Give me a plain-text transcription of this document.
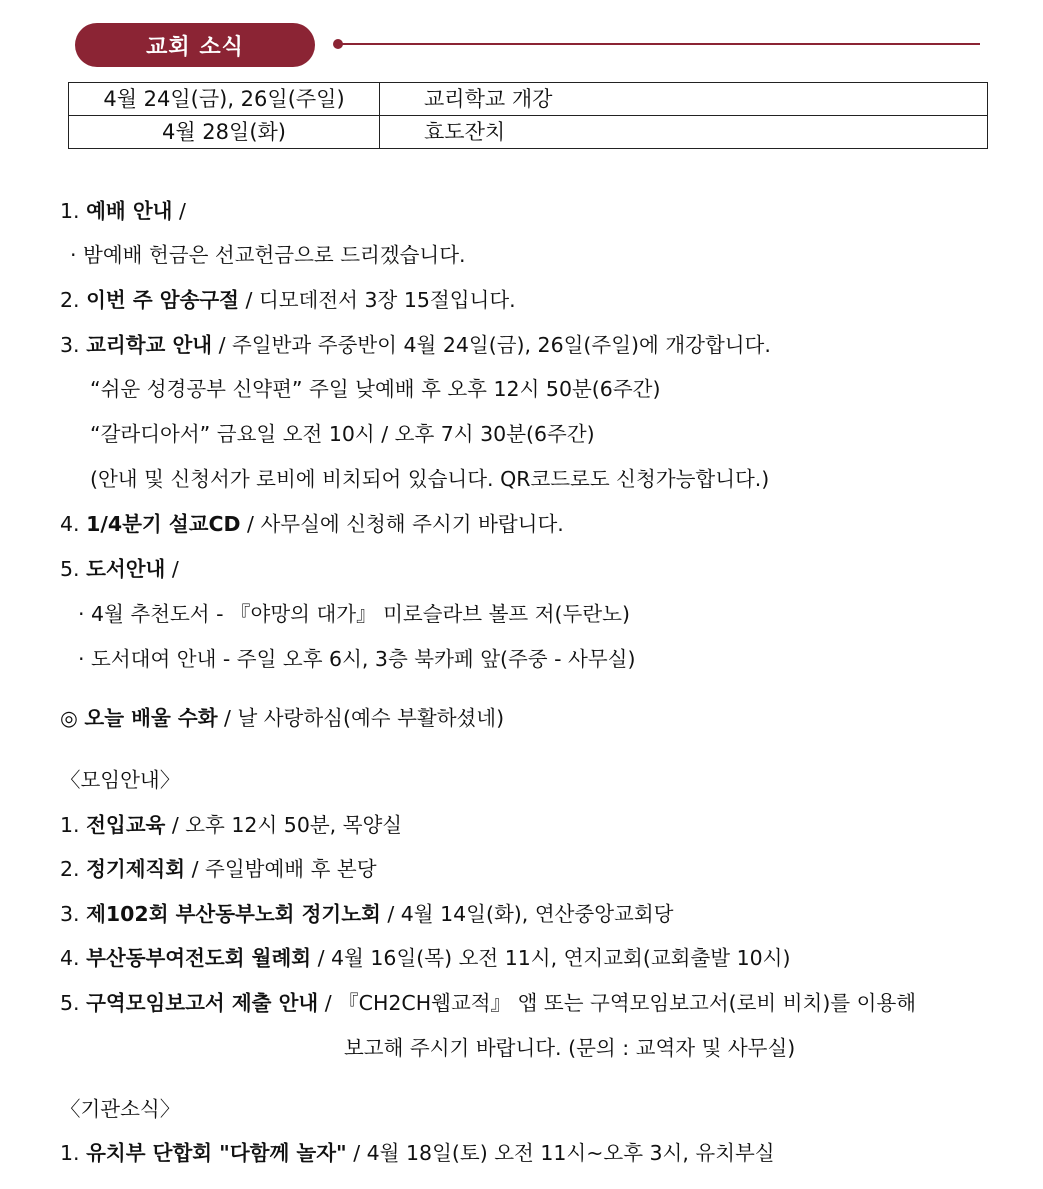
교회 소식
4월 24일(금), 26일(주일)	교리학교 개강
4월 28일(화)	효도잔치
1. 예배 안내 /
· 밤예배 헌금은 선교헌금으로 드리겠습니다.
2. 이번 주 암송구절 / 디모데전서 3장 15절입니다.
3. 교리학교 안내 / 주일반과 주중반이 4월 24일(금), 26일(주일)에 개강합니다.
“쉬운 성경공부 신약편” 주일 낮예배 후 오후 12시 50분(6주간)
“갈라디아서” 금요일 오전 10시 / 오후 7시 30분(6주간)
(안내 및 신청서가 로비에 비치되어 있습니다. QR코드로도 신청가능합니다.)
4. 1/4분기 설교CD / 사무실에 신청해 주시기 바랍니다.
5. 도서안내 /
· 4월 추천도서 - 『야망의 대가』 미로슬라브 볼프 저(두란노)
· 도서대여 안내 - 주일 오후 6시, 3층 북카페 앞(주중 - 사무실)
◎ 오늘 배울 수화 / 날 사랑하심(예수 부활하셨네)
〈모임안내〉
1. 전입교육 / 오후 12시 50분, 목양실
2. 정기제직회 / 주일밤예배 후 본당
3. 제102회 부산동부노회 정기노회 / 4월 14일(화), 연산중앙교회당
4. 부산동부여전도회 월례회 / 4월 16일(목) 오전 11시, 연지교회(교회출발 10시)
5. 구역모임보고서 제출 안내 / 『CH2CH웹교적』 앱 또는 구역모임보고서(로비 비치)를 이용해
보고해 주시기 바랍니다. (문의 : 교역자 및 사무실)
〈기관소식〉
1. 유치부 단합회 "다함께 놀자" / 4월 18일(토) 오전 11시~오후 3시, 유치부실
